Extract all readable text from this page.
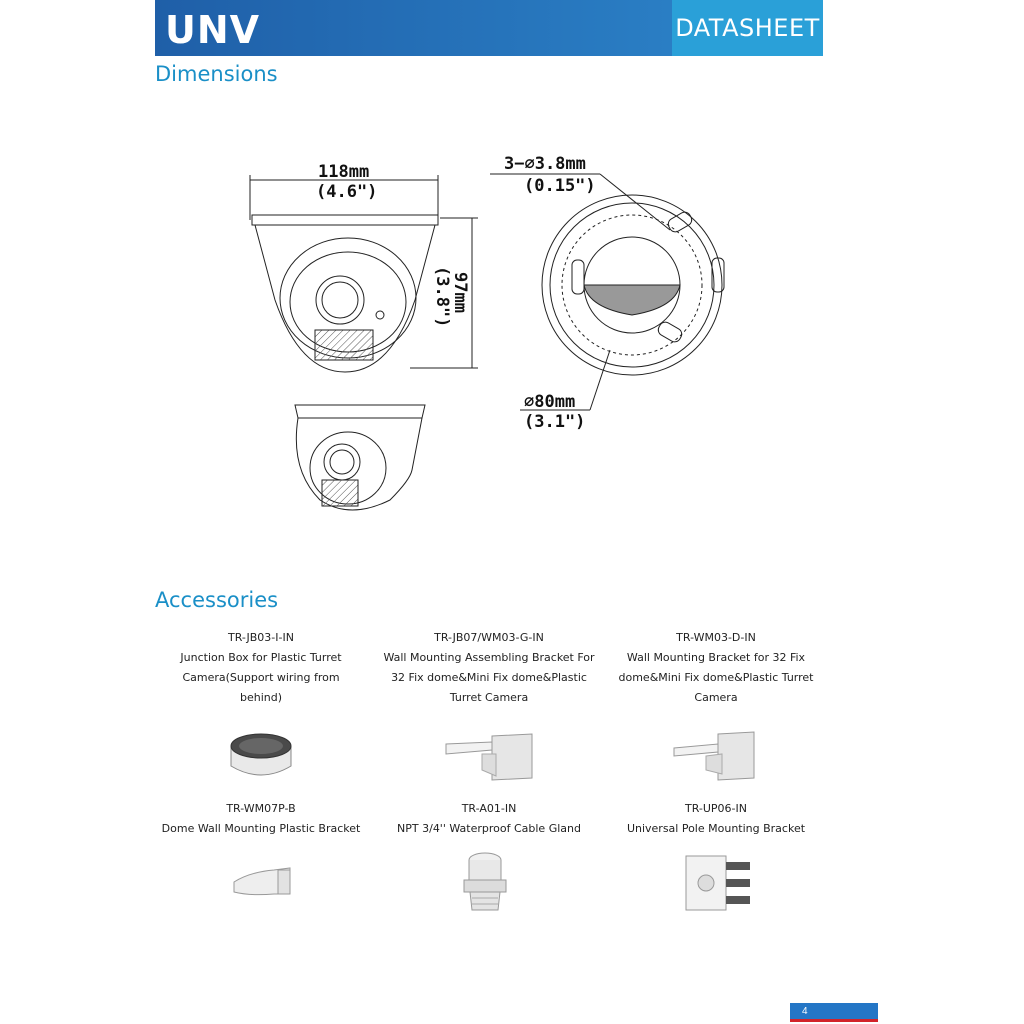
UNV	DATASHEET
Dimensions
118mm
(4.6")
97mm
(3.8")
3−∅3.8mm
(0.15")
∅80mm
(3.1")
Accessories
TR-JB03-I-IN
Junction Box for Plastic Turret Camera(Support wiring from behind)
TR-JB07/WM03-G-IN
Wall Mounting Assembling Bracket For 32 Fix dome&Mini Fix dome&Plastic Turret Camera
TR-WM03-D-IN
Wall Mounting Bracket for 32 Fix dome&Mini Fix dome&Plastic Turret Camera
TR-WM07P-B
Dome Wall Mounting Plastic Bracket
TR-A01-IN
NPT 3/4'' Waterproof Cable Gland
TR-UP06-IN
Universal Pole Mounting Bracket
4
